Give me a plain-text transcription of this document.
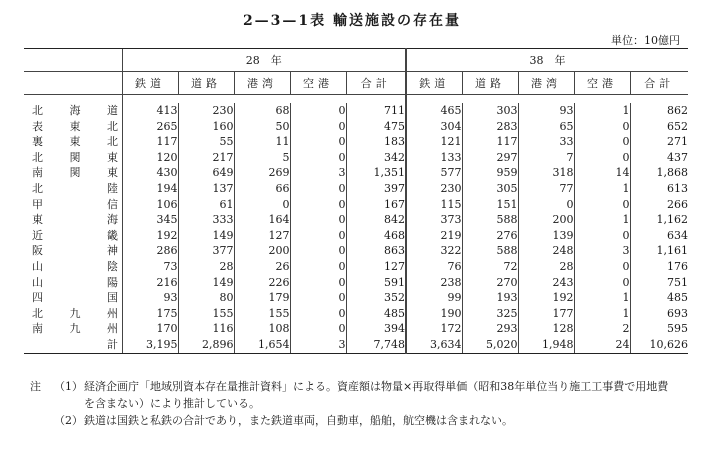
2—3—1表 輸送施設の存在量
単位：10億円
	28　年					38　年				
	鉄道	道路	港湾	空港	合計	鉄道	道路	港湾	空港	合計

北 海 道	413	230	68	0	711	465	303	93	1	862

表 東 北	265	160	50	0	475	304	283	65	0	652

裏 東 北	117	55	11	0	183	121	117	33	0	271

北 関 東	120	217	5	0	342	133	297	7	0	437

南 関 東	430	649	269	3	1,351	577	959	318	14	1,868

北 陸	194	137	66	0	397	230	305	77	1	613

甲 信	106	61	0	0	167	115	151	0	0	266

東 海	345	333	164	0	842	373	588	200	1	1,162

近 畿	192	149	127	0	468	219	276	139	0	634

阪 神	286	377	200	0	863	322	588	248	3	1,161

山 陰	73	28	26	0	127	76	72	28	0	176

山 陽	216	149	226	0	591	238	270	243	0	751

四 国	93	80	179	0	352	99	193	192	1	485

北 九 州	175	155	155	0	485	190	325	177	1	693

南 九 州	170	116	108	0	394	172	293	128	2	595

計	3,195	2,896	1,654	3	7,748	3,634	5,020	1,948	24	10,626
注	（1） 経済企画庁「地域別資本存在量推計資料」による。資産額は物量×再取得単価（昭和38年単位当り施工工事費で用地費
を含まない）により推計している。
（2） 鉄道は国鉄と私鉄の合計であり，また鉄道車両，自動車，船舶，航空機は含まれない。
